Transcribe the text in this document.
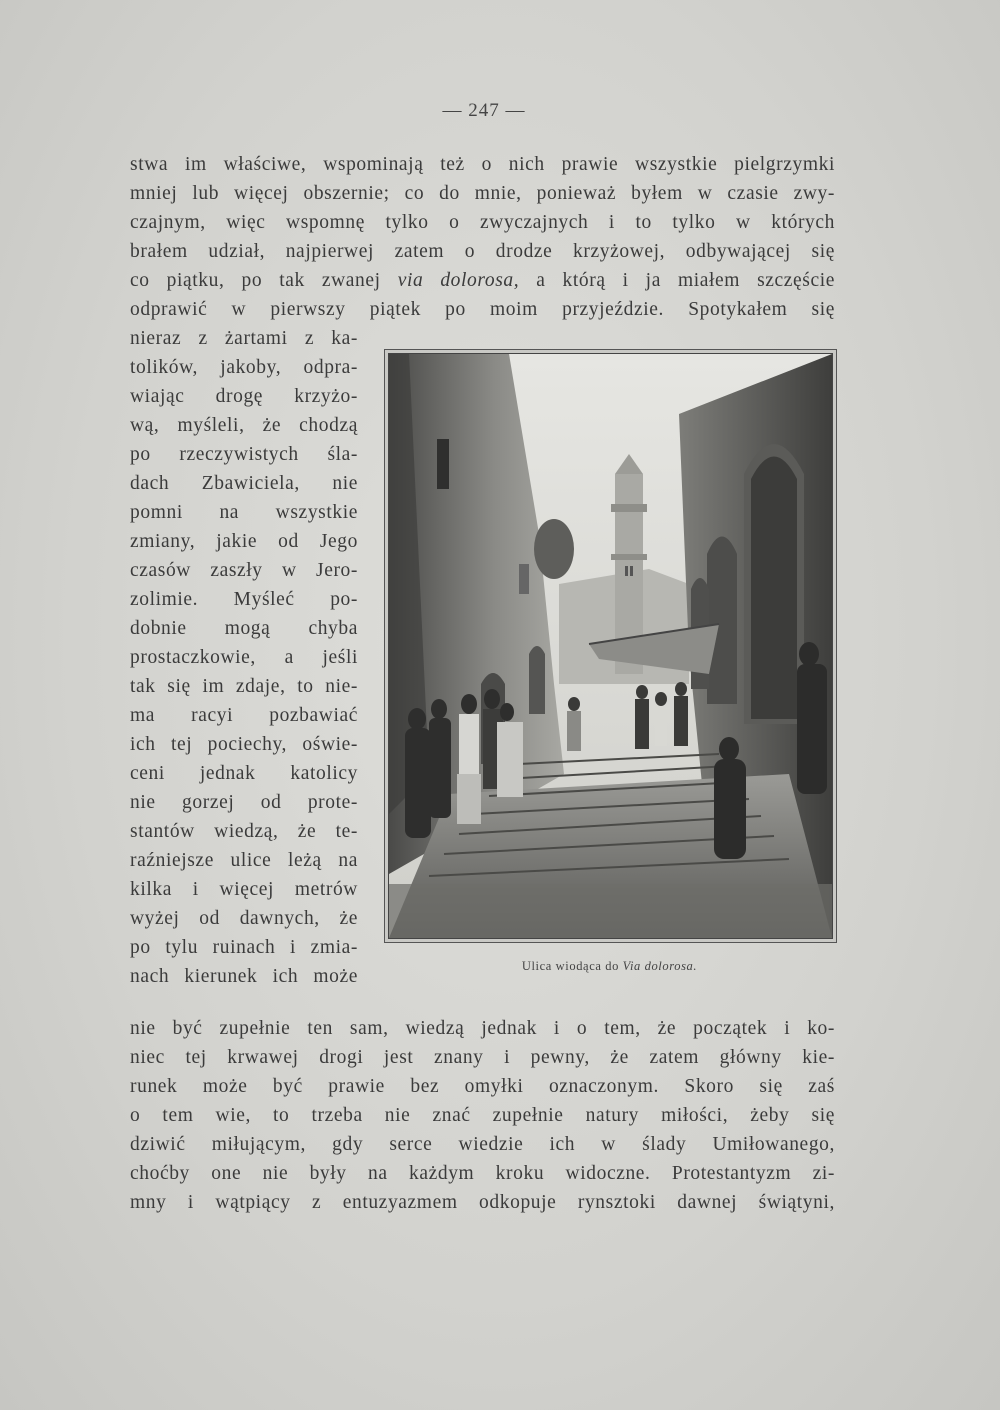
— 247 —
stwa im właściwe, wspominają też o nich prawie wszystkie pielgrzymki
mniej lub więcej obszernie; co do mnie, ponieważ byłem w czasie zwy-
czajnym, więc wspomnę tylko o zwyczajnych i to tylko w których
brałem udział, najpierwej zatem o drodze krzyżowej, odbywającej się
co piątku, po tak zwanej via dolorosa, a którą i ja miałem szczęście
odprawić w pierwszy piątek po moim przyjeździe. Spotykałem się
nieraz z żartami z ka-
tolików, jakoby, odpra-
wiając drogę krzyżo-
wą, myśleli, że chodzą
po rzeczywistych śla-
dach Zbawiciela, nie
pomni na wszystkie
zmiany, jakie od Jego
czasów zaszły w Jero-
zolimie. Myśleć po-
dobnie mogą chyba
prostaczkowie, a jeśli
tak się im zdaje, to nie-
ma racyi pozbawiać
ich tej pociechy, oświe-
ceni jednak katolicy
nie gorzej od prote-
stantów wiedzą, że te-
raźniejsze ulice leżą na
kilka i więcej metrów
wyżej od dawnych, że
po tylu ruinach i zmia-
nach kierunek ich może	Ulica wiodąca do Via dolorosa.
nie być zupełnie ten sam, wiedzą jednak i o tem, że początek i ko-
niec tej krwawej drogi jest znany i pewny, że zatem główny kie-
runek może być prawie bez omyłki oznaczonym. Skoro się zaś
o tem wie, to trzeba nie znać zupełnie natury miłości, żeby się
dziwić miłującym, gdy serce wiedzie ich w ślady Umiłowanego,
choćby one nie były na każdym kroku widoczne. Protestantyzm zi-
mny i wątpiący z entuzyazmem odkopuje rynsztoki dawnej świątyni,
